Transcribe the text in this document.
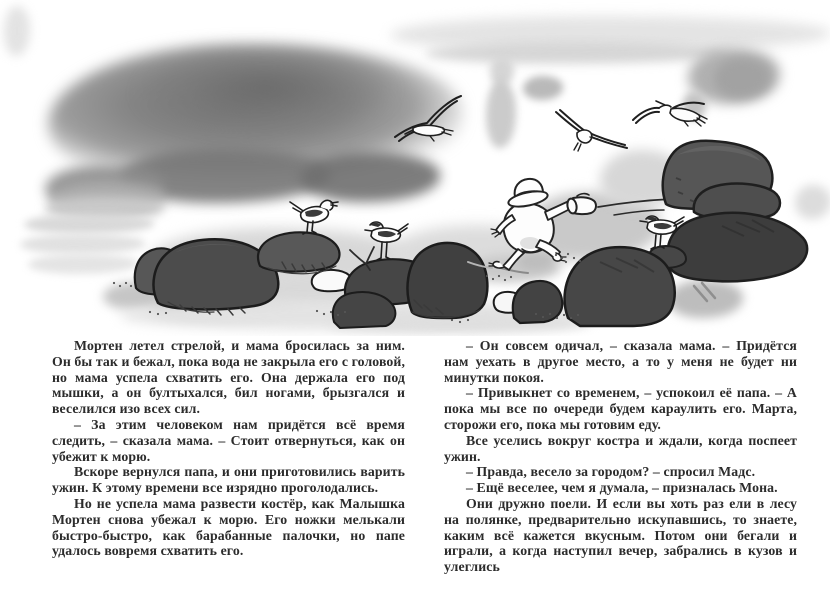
Мортен летел стрелой, и мама бросилась за ним. Он бы так и бежал, пока вода не закрыла его с головой, но мама успела схватить его. Она держала его под мышки, а он бултыхался, бил ногами, брызгался и веселился изо всех сил.

– За этим человеком нам придётся всё время следить, – сказала мама. – Стоит отвернуться, как он убежит к морю.

Вскоре вернулся папа, и они приготовились варить ужин. К этому времени все изрядно проголодались.

Но не успела мама развести костёр, как Малышка Мортен снова убежал к морю. Его ножки мелькали быстро-быстро, как барабанные палочки, но папе удалось вовремя схватить его.

– Он совсем одичал, – сказала мама. – Придётся нам уехать в другое место, а то у меня не будет ни минутки покоя.

– Привыкнет со временем, – успокоил её папа. – А пока мы все по очереди будем караулить его. Марта, сторожи его, пока мы готовим еду.

Все уселись вокруг костра и ждали, когда поспеет ужин.

– Правда, весело за городом? – спросил Мадс.

– Ещё веселее, чем я думала, – призналась Мона.

Они дружно поели. И если вы хоть раз ели в лесу на полянке, предварительно искупавшись, то знаете, каким всё кажется вкусным. Потом они бегали и играли, а когда наступил вечер, забрались в кузов и улеглись
